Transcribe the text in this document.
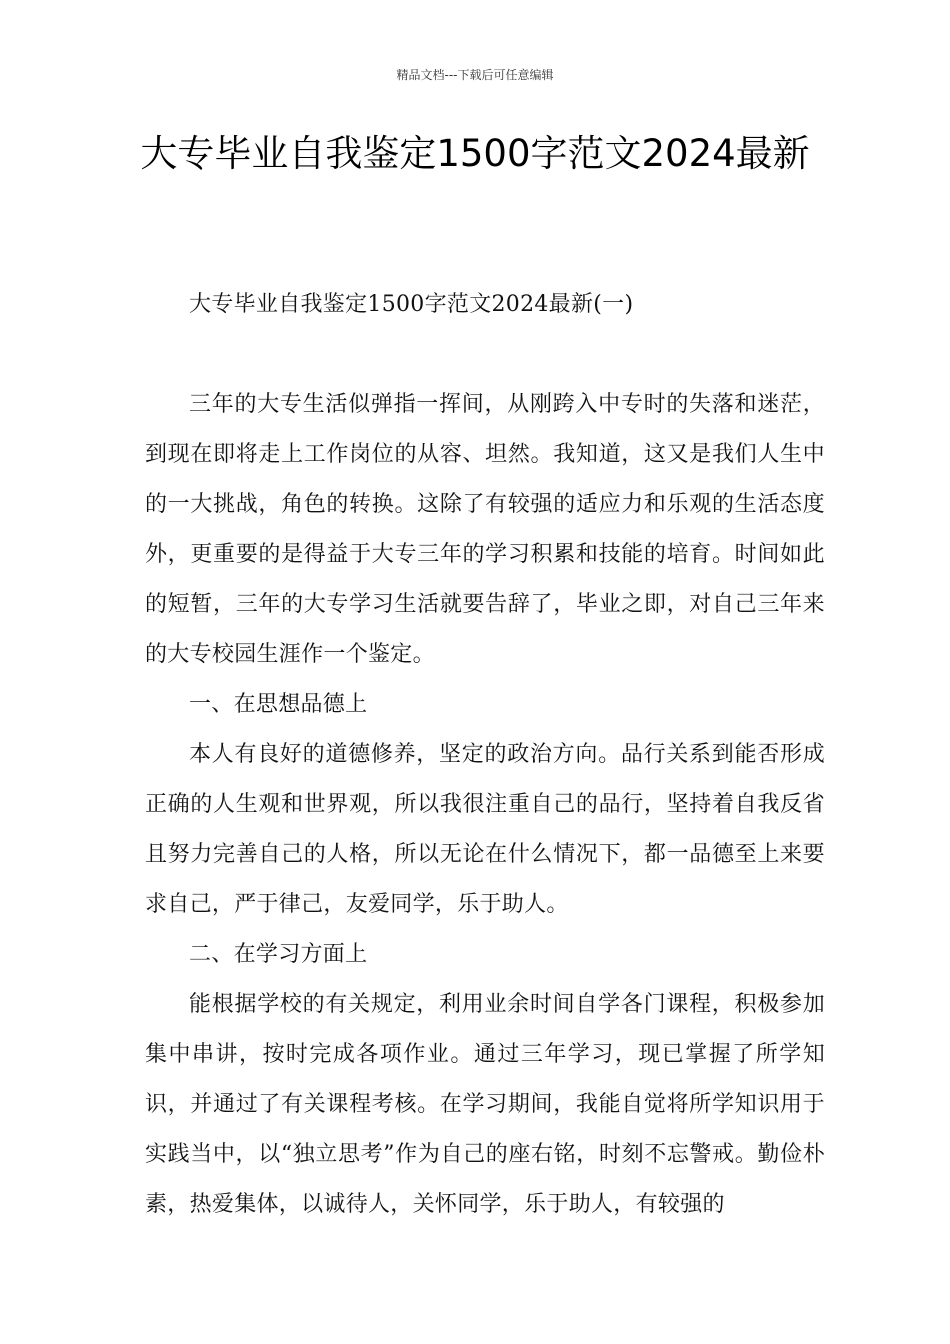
精品文档---下载后可任意编辑
大专毕业自我鉴定1500字范文2024最新

大专毕业自我鉴定1500字范文2024最新(一)

三年的大专生活似弹指一挥间，从刚跨入中专时的失落和迷茫，到现在即将走上工作岗位的从容、坦然。我知道，这又是我们人生中的一大挑战，角色的转换。这除了有较强的适应力和乐观的生活态度外，更重要的是得益于大专三年的学习积累和技能的培育。时间如此的短暂，三年的大专学习生活就要告辞了，毕业之即，对自己三年来的大专校园生涯作一个鉴定。

一、在思想品德上

本人有良好的道德修养，坚定的政治方向。品行关系到能否形成正确的人生观和世界观，所以我很注重自己的品行，坚持着自我反省且努力完善自己的人格，所以无论在什么情况下，都一品德至上来要求自己，严于律己，友爱同学，乐于助人。

二、在学习方面上

能根据学校的有关规定，利用业余时间自学各门课程，积极参加集中串讲，按时完成各项作业。通过三年学习，现已掌握了所学知识，并通过了有关课程考核。在学习期间，我能自觉将所学知识用于实践当中，以“独立思考”作为自己的座右铭，时刻不忘警戒。勤俭朴素，热爱集体，以诚待人，关怀同学，乐于助人，有较强的
